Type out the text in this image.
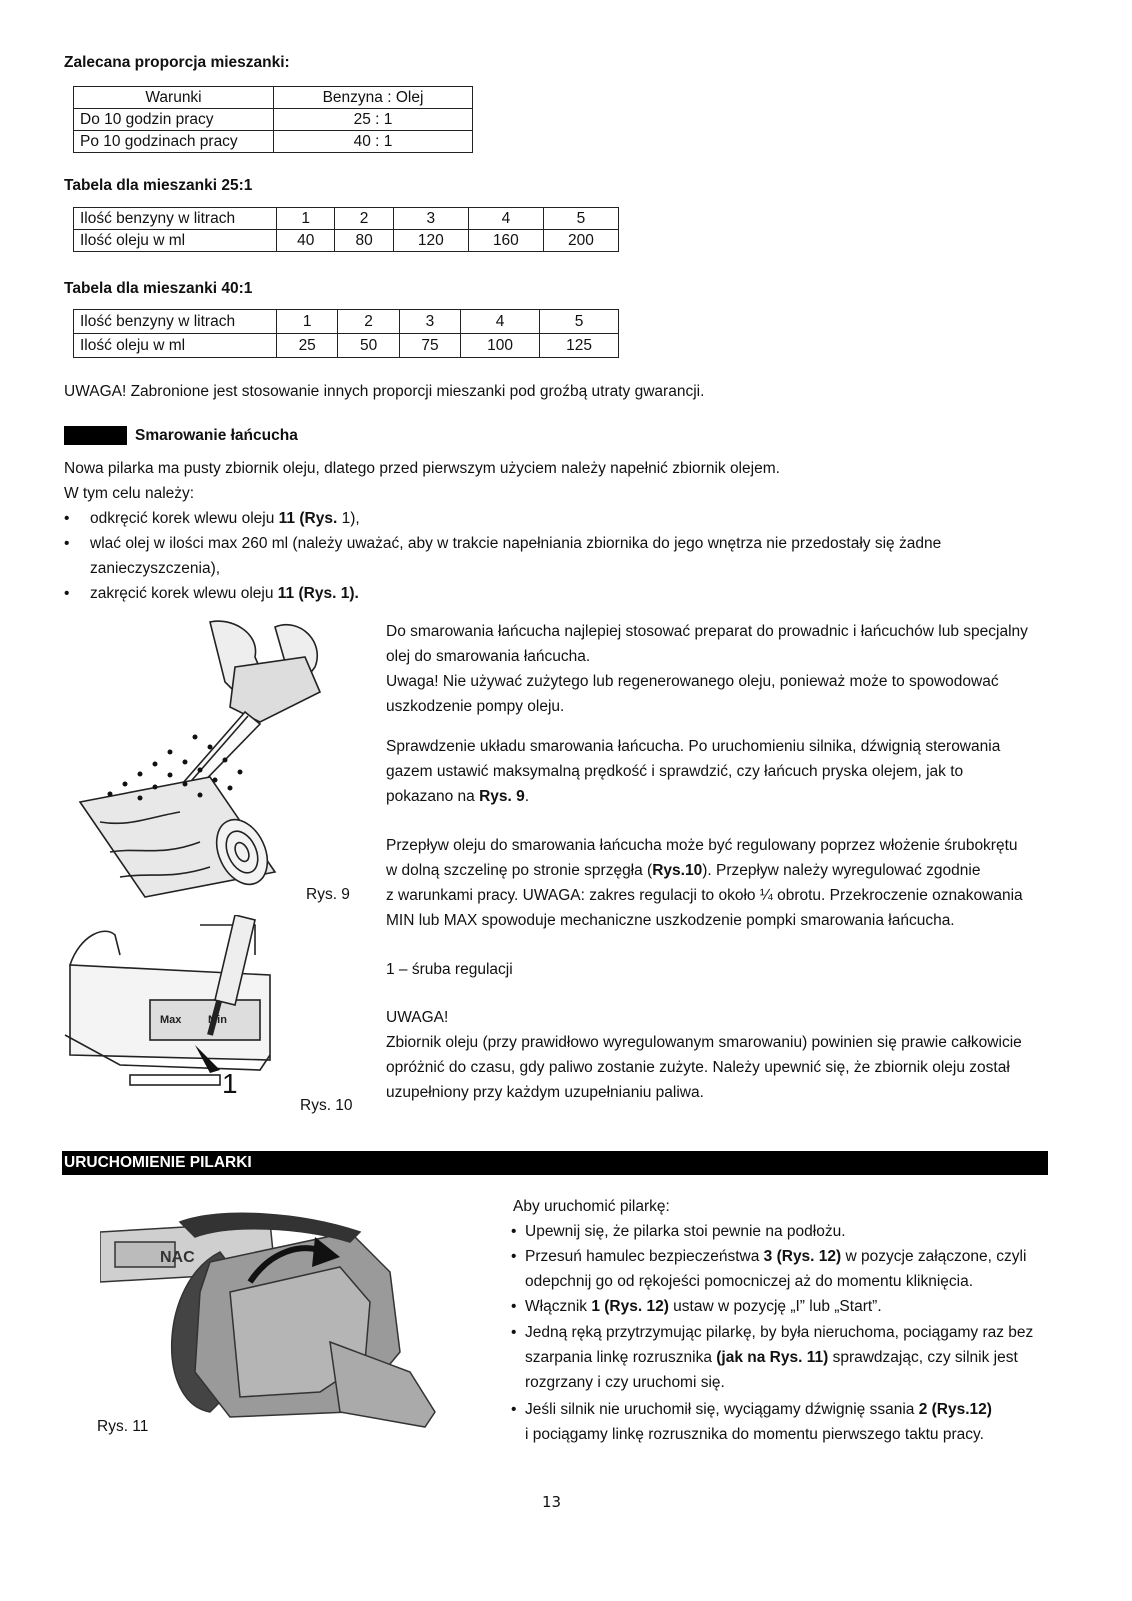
Zalecana proporcja mieszanki:
Warunki	Benzyna : Olej
Do 10 godzin pracy	25 : 1
Po 10 godzinach pracy	40 : 1
Tabela dla mieszanki 25:1
Ilość benzyny w litrach	1	2	3	4	5
Ilość oleju w ml	40	80	120	160	200
Tabela dla mieszanki 40:1
Ilość benzyny w litrach	1	2	3	4	5
Ilość oleju w ml	25	50	75	100	125
UWAGA! Zabronione jest stosowanie innych proporcji mieszanki pod groźbą utraty gwarancji.
Smarowanie łańcucha
Nowa pilarka ma pusty zbiornik oleju, dlatego przed pierwszym użyciem należy napełnić zbiornik olejem.
W tym celu należy:
• odkręcić korek wlewu oleju 11 (Rys. 1),
• wlać olej w ilości max 260 ml (należy uważać, aby w trakcie napełniania zbiornika do jego wnętrza nie przedostały się żadne
zanieczyszczenia),
• zakręcić korek wlewu oleju 11 (Rys. 1).
Rys. 9
Max Min
1
Rys. 10
Do smarowania łańcucha najlepiej stosować preparat do prowadnic i łańcuchów lub specjalny
olej do smarowania łańcucha.
Uwaga! Nie używać zużytego lub regenerowanego oleju, ponieważ może to spowodować
uszkodzenie pompy oleju.
Sprawdzenie układu smarowania łańcucha. Po uruchomieniu silnika, dźwignią sterowania
gazem ustawić maksymalną prędkość i sprawdzić, czy łańcuch pryska olejem, jak to
pokazano na Rys. 9.
Przepływ oleju do smarowania łańcucha może być regulowany poprzez włożenie śrubokrętu
w dolną szczelinę po stronie sprzęgła (Rys.10). Przepływ należy wyregulować zgodnie
z warunkami pracy. UWAGA: zakres regulacji to około ¼ obrotu. Przekroczenie oznakowania
MIN lub MAX spowoduje mechaniczne uszkodzenie pompki smarowania łańcucha.
1 – śruba regulacji
UWAGA!
Zbiornik oleju (przy prawidłowo wyregulowanym smarowaniu) powinien się prawie całkowicie
opróżnić do czasu, gdy paliwo zostanie zużyte. Należy upewnić się, że zbiornik oleju został
uzupełniony przy każdym uzupełnianiu paliwa.
URUCHOMIENIE PILARKI
NAC
Rys. 11
Aby uruchomić pilarkę:
• Upewnij się, że pilarka stoi pewnie na podłożu.
• Przesuń hamulec bezpieczeństwa 3 (Rys. 12) w pozycje załączone, czyli
odepchnij go od rękojeści pomocniczej aż do momentu kliknięcia.
• Włącznik 1 (Rys. 12) ustaw w pozycję „I” lub „Start”.
• Jedną ręką przytrzymując pilarkę, by była nieruchoma, pociągamy raz bez
szarpania linkę rozrusznika (jak na Rys. 11) sprawdzając, czy silnik jest
rozgrzany i czy uruchomi się.
• Jeśli silnik nie uruchomił się, wyciągamy dźwignię ssania 2 (Rys.12)
i pociągamy linkę rozrusznika do momentu pierwszego taktu pracy.
13
